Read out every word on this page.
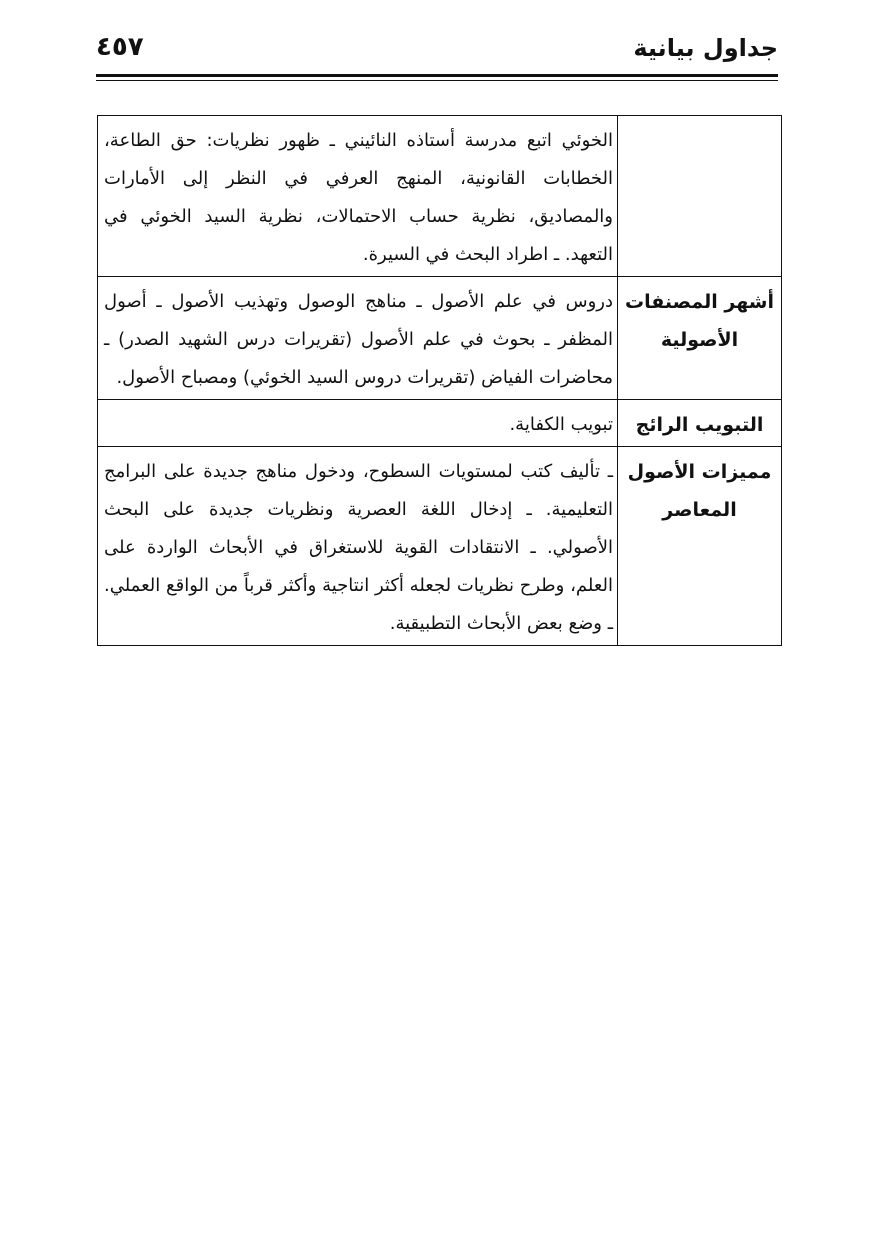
جداول بيانية
٤٥٧
	الخوئي اتبع مدرسة أستاذه النائيني ـ ظهور نظريات: حق الطاعة، الخطابات القانونية، المنهج العرفي في النظر إلى الأمارات والمصاديق، نظرية حساب الاحتمالات، نظرية السيد الخوئي في التعهد. ـ اطراد البحث في السيرة.
أشهر المصنفات الأصولية	دروس في علم الأصول ـ مناهج الوصول وتهذيب الأصول ـ أصول المظفر ـ بحوث في علم الأصول (تقريرات درس الشهيد الصدر) ـ محاضرات الفياض (تقريرات دروس السيد الخوئي) ومصباح الأصول.
التبويب الرائج	تبويب الكفاية.
مميزات الأصول المعاصر	ـ تأليف كتب لمستويات السطوح، ودخول مناهج جديدة على البرامج التعليمية. ـ إدخال اللغة العصرية ونظريات جديدة على البحث الأصولي. ـ الانتقادات القوية للاستغراق في الأبحاث الواردة على العلم، وطرح نظريات لجعله أكثر انتاجية وأكثر قرباً من الواقع العملي. ـ وضع بعض الأبحاث التطبيقية.
